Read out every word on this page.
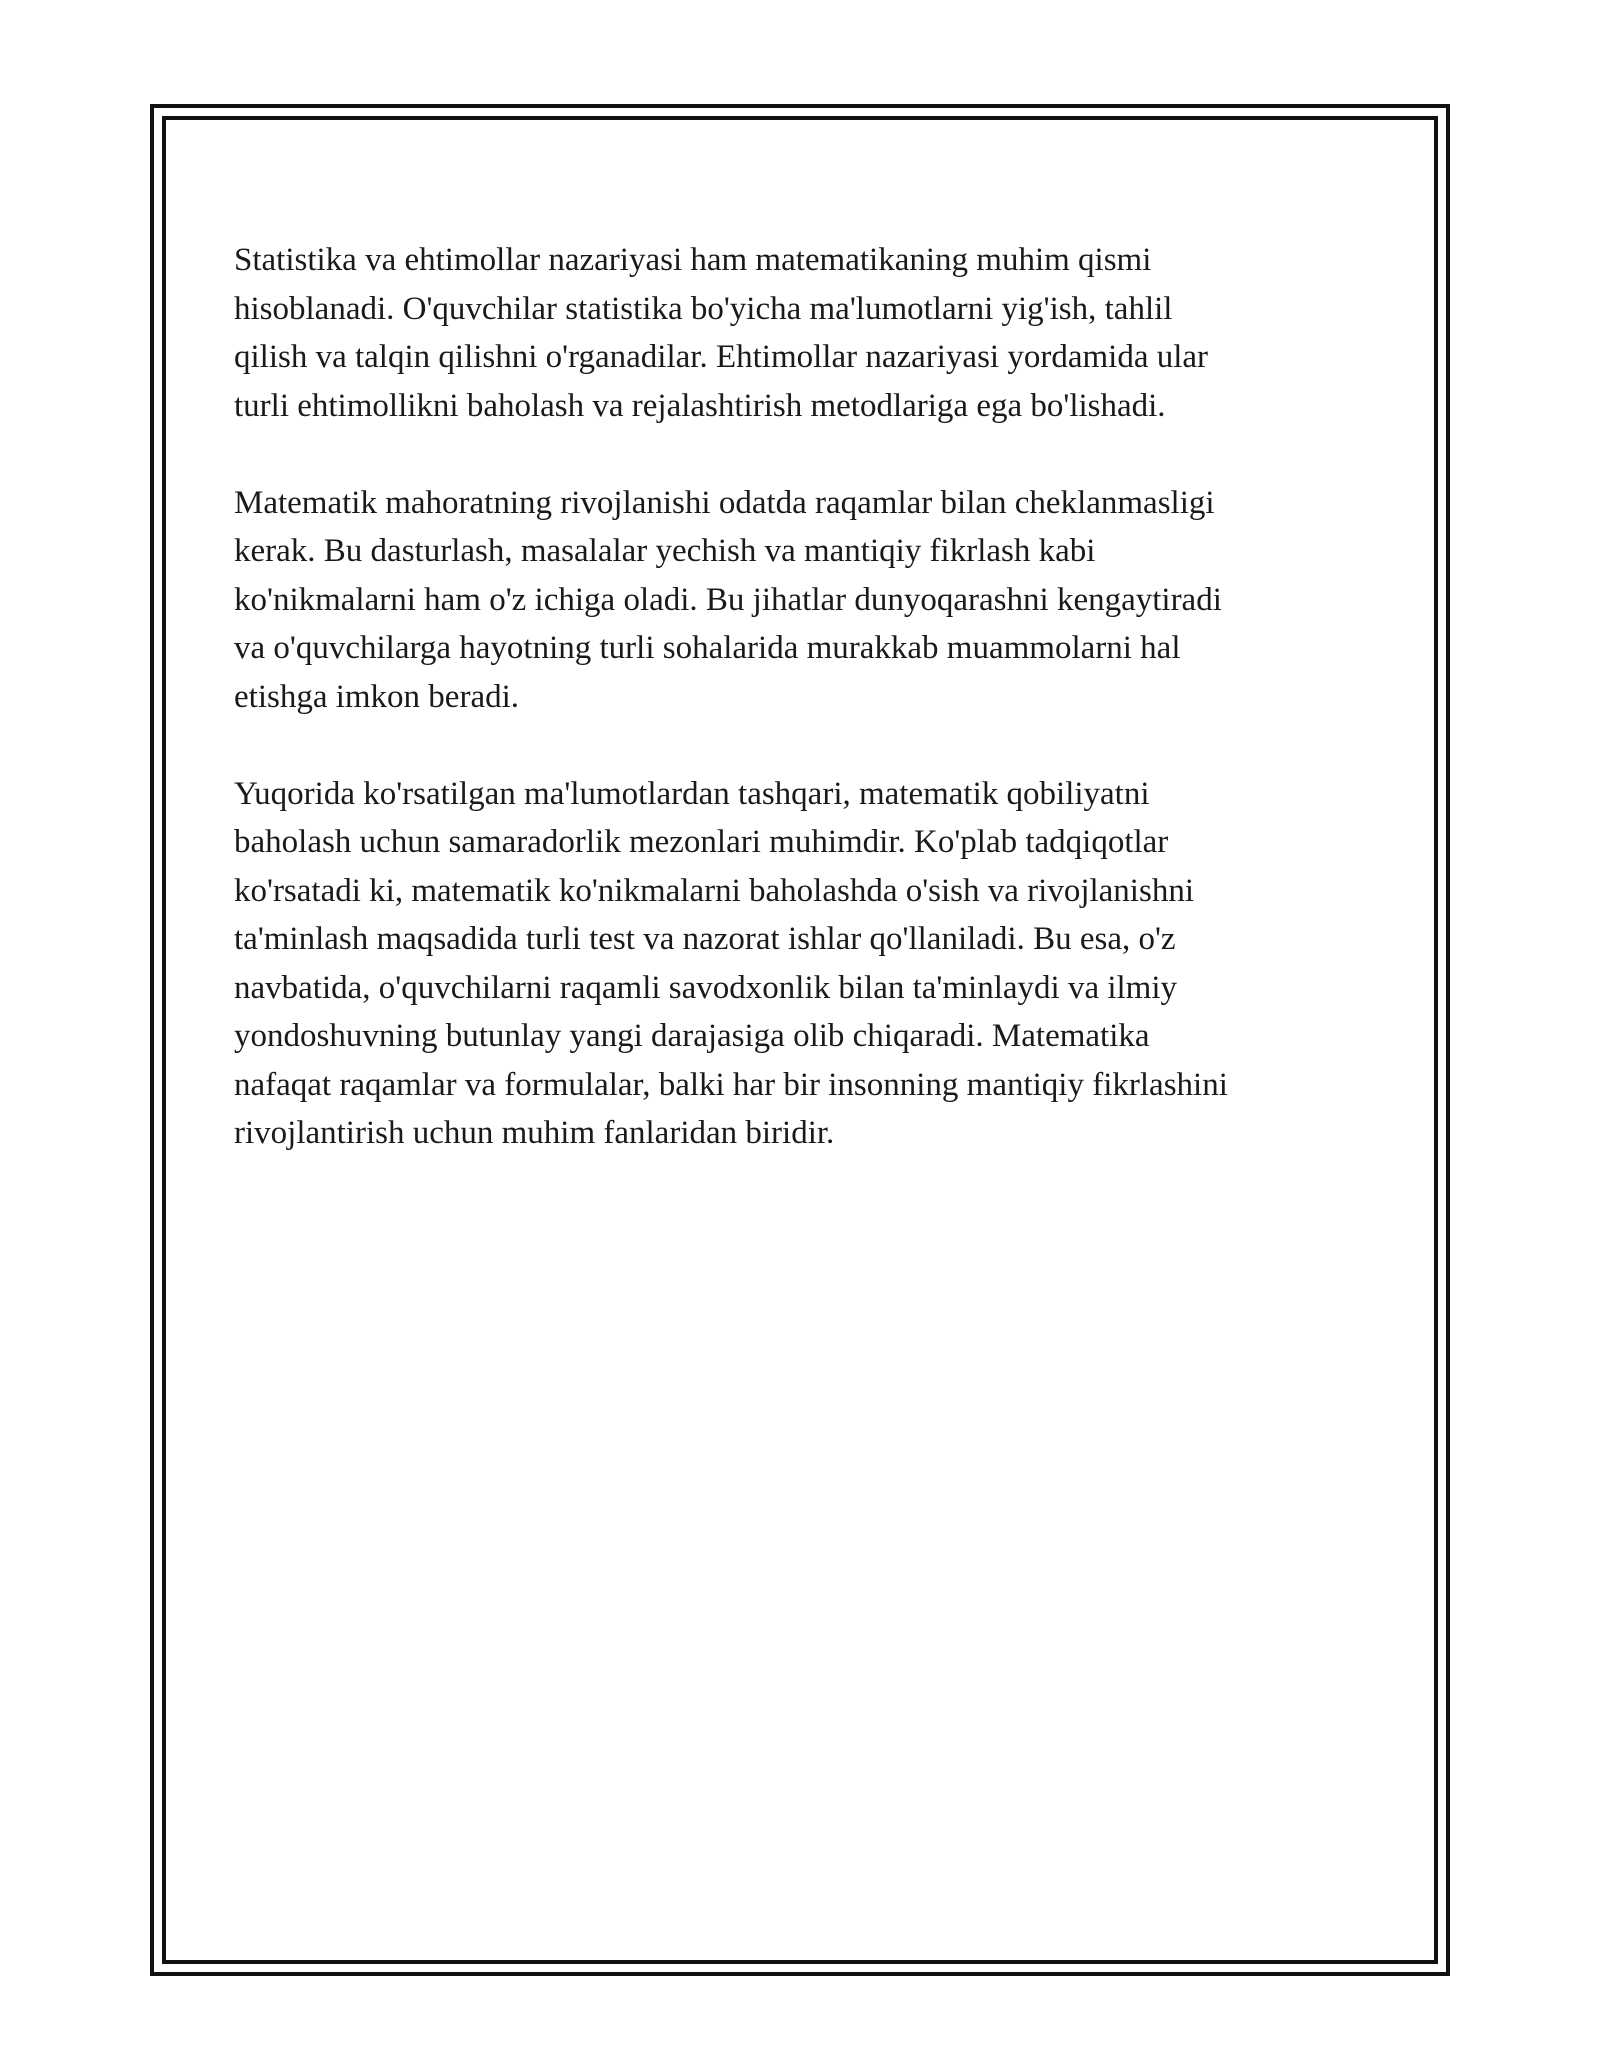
Statistika va ehtimollar nazariyasi ham matematikaning muhim qismi
hisoblanadi. O'quvchilar statistika bo'yicha ma'lumotlarni yig'ish, tahlil
qilish va talqin qilishni o'rganadilar. Ehtimollar nazariyasi yordamida ular
turli ehtimollikni baholash va rejalashtirish metodlariga ega bo'lishadi.

Matematik mahoratning rivojlanishi odatda raqamlar bilan cheklanmasligi
kerak. Bu dasturlash, masalalar yechish va mantiqiy fikrlash kabi
ko'nikmalarni ham o'z ichiga oladi. Bu jihatlar dunyoqarashni kengaytiradi
va o'quvchilarga hayotning turli sohalarida murakkab muammolarni hal
etishga imkon beradi.

Yuqorida ko'rsatilgan ma'lumotlardan tashqari, matematik qobiliyatni
baholash uchun samaradorlik mezonlari muhimdir. Ko'plab tadqiqotlar
ko'rsatadi ki, matematik ko'nikmalarni baholashda o'sish va rivojlanishni
ta'minlash maqsadida turli test va nazorat ishlar qo'llaniladi. Bu esa, o'z
navbatida, o'quvchilarni raqamli savodxonlik bilan ta'minlaydi va ilmiy
yondoshuvning butunlay yangi darajasiga olib chiqaradi. Matematika
nafaqat raqamlar va formulalar, balki har bir insonning mantiqiy fikrlashini
rivojlantirish uchun muhim fanlaridan biridir.
